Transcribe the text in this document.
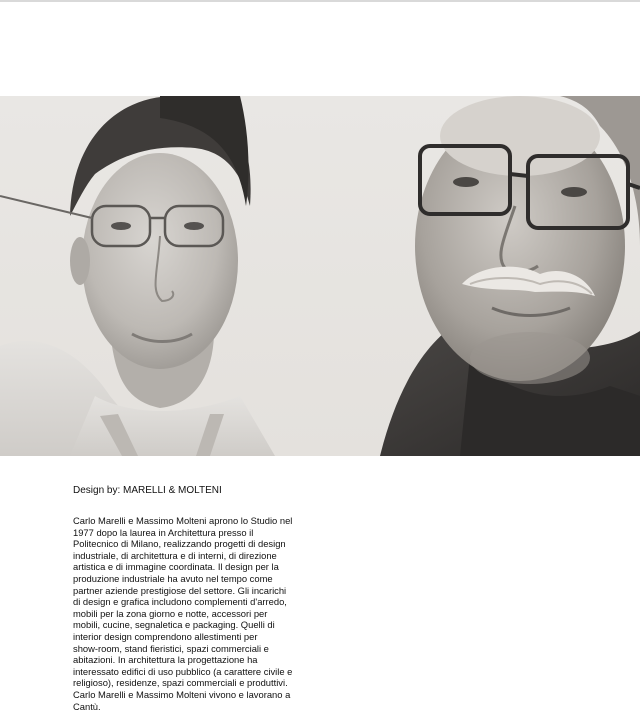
Design by: MARELLI & MOLTENI
Carlo Marelli e Massimo Molteni aprono lo Studio nel
1977 dopo la laurea in Architettura presso il
Politecnico di Milano, realizzando progetti di design
industriale, di architettura e di interni, di direzione
artistica e di immagine coordinata. Il design per la
produzione industriale ha avuto nel tempo come
partner aziende prestigiose del settore. Gli incarichi
di design e grafica includono complementi d'arredo,
mobili per la zona giorno e notte, accessori per
mobili, cucine, segnaletica e packaging. Quelli di
interior design comprendono allestimenti per
show-room, stand fieristici, spazi commerciali e
abitazioni. In architettura la progettazione ha
interessato edifici di uso pubblico (a carattere civile e
religioso), residenze, spazi commerciali e produttivi.
Carlo Marelli e Massimo Molteni vivono e lavorano a
Cantù.
